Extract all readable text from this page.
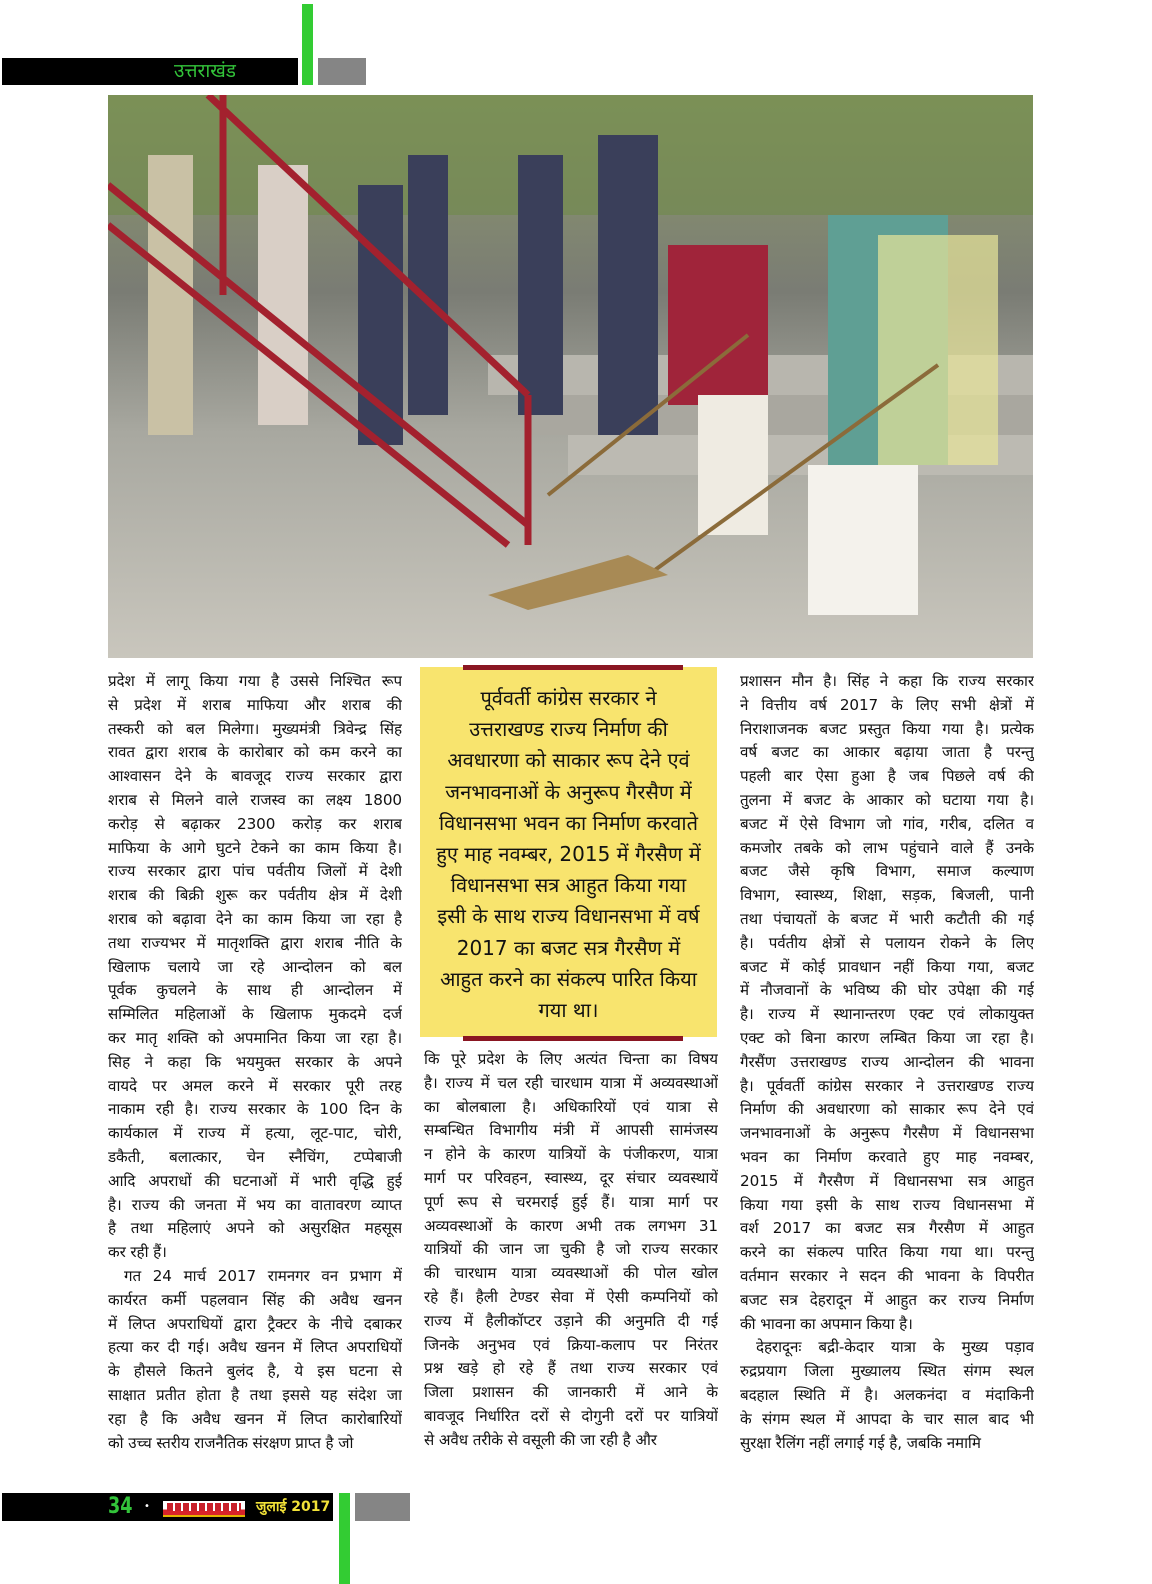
उत्तराखंड
प्रदेश में लागू किया गया है उससे निश्चित रूप
से प्रदेश में शराब माफिया और शराब की
तस्करी को बल मिलेगा। मुख्यमंत्री त्रिवेन्द्र सिंह
रावत द्वारा शराब के कारोबार को कम करने का
आश्वासन देने के बावजूद राज्य सरकार द्वारा
शराब से मिलने वाले राजस्व का लक्ष्य 1800
करोड़ से बढ़ाकर 2300 करोड़ कर शराब
माफिया के आगे घुटने टेकने का काम किया है।
राज्य सरकार द्वारा पांच पर्वतीय जिलों में देशी
शराब की बिक्री शुरू कर पर्वतीय क्षेत्र में देशी
शराब को बढ़ावा देने का काम किया जा रहा है
तथा राज्यभर में मातृशक्ति द्वारा शराब नीति के
खिलाफ चलाये जा रहे आन्दोलन को बल
पूर्वक कुचलने के साथ ही आन्दोलन में
सम्मिलित महिलाओं के खिलाफ मुकदमे दर्ज
कर मातृ शक्ति को अपमानित किया जा रहा है।
सिह ने कहा कि भयमुक्त सरकार के अपने
वायदे पर अमल करने में सरकार पूरी तरह
नाकाम रही है। राज्य सरकार के 100 दिन के
कार्यकाल में राज्य में हत्या, लूट-पाट, चोरी,
डकैती, बलात्कार, चेन स्नैचिंग, टप्पेबाजी
आदि अपराधों की घटनाओं में भारी वृद्धि हुई
है। राज्य की जनता में भय का वातावरण व्याप्त
है तथा महिलाएं अपने को असुरक्षित महसूस
कर रही हैं।
गत 24 मार्च 2017 रामनगर वन प्रभाग में
कार्यरत कर्मी पहलवान सिंह की अवैध खनन
में लिप्त अपराधियों द्वारा ट्रैक्टर के नीचे दबाकर
हत्या कर दी गई। अवैध खनन में लिप्त अपराधियों
के हौसले कितने बुलंद है, ये इस घटना से
साक्षात प्रतीत होता है तथा इससे यह संदेश जा
रहा है कि अवैध खनन में लिप्त कारोबारियों
को उच्च स्तरीय राजनैतिक संरक्षण प्राप्त है जो
पूर्ववर्ती कांग्रेस सरकार ने
उत्तराखण्ड राज्य निर्माण की
अवधारणा को साकार रूप देने एवं
जनभावनाओं के अनुरूप गैरसैण में
विधानसभा भवन का निर्माण करवाते
हुए माह नवम्बर, 2015 में गैरसैण में
विधानसभा सत्र आहुत किया गया
इसी के साथ राज्य विधानसभा में वर्ष
2017 का बजट सत्र गैरसैण में
आहुत करने का संकल्प पारित किया
गया था।
कि पूरे प्रदेश के लिए अत्यंत चिन्ता का विषय
है। राज्य में चल रही चारधाम यात्रा में अव्यवस्थाओं
का बोलबाला है। अधिकारियों एवं यात्रा से
सम्बन्धित विभागीय मंत्री में आपसी सामंजस्य
न होने के कारण यात्रियों के पंजीकरण, यात्रा
मार्ग पर परिवहन, स्वास्थ्य, दूर संचार व्यवस्थायें
पूर्ण रूप से चरमराई हुई हैं। यात्रा मार्ग पर
अव्यवस्थाओं के कारण अभी तक लगभग 31
यात्रियों की जान जा चुकी है जो राज्य सरकार
की चारधाम यात्रा व्यवस्थाओं की पोल खोल
रहे हैं। हैली टेण्डर सेवा में ऐसी कम्पनियों को
राज्य में हैलीकॉप्टर उड़ाने की अनुमति दी गई
जिनके अनुभव एवं क्रिया-कलाप पर निरंतर
प्रश्न खड़े हो रहे हैं तथा राज्य सरकार एवं
जिला प्रशासन की जानकारी में आने के
बावजूद निर्धारित दरों से दोगुनी दरों पर यात्रियों
से अवैध तरीके से वसूली की जा रही है और
प्रशासन मौन है। सिंह ने कहा कि राज्य सरकार
ने वित्तीय वर्ष 2017 के लिए सभी क्षेत्रों में
निराशाजनक बजट प्रस्तुत किया गया है। प्रत्येक
वर्ष बजट का आकार बढ़ाया जाता है परन्तु
पहली बार ऐसा हुआ है जब पिछले वर्ष की
तुलना में बजट के आकार को घटाया गया है।
बजट में ऐसे विभाग जो गांव, गरीब, दलित व
कमजोर तबके को लाभ पहुंचाने वाले हैं उनके
बजट जैसे कृषि विभाग, समाज कल्याण
विभाग, स्वास्थ्य, शिक्षा, सड़क, बिजली, पानी
तथा पंचायतों के बजट में भारी कटौती की गई
है। पर्वतीय क्षेत्रों से पलायन रोकने के लिए
बजट में कोई प्रावधान नहीं किया गया, बजट
में नौजवानों के भविष्य की घोर उपेक्षा की गई
है। राज्य में स्थानान्तरण एक्ट एवं लोकायुक्त
एक्ट को बिना कारण लम्बित किया जा रहा है।
गैरसैंण उत्तराखण्ड राज्य आन्दोलन की भावना
है। पूर्ववर्ती कांग्रेस सरकार ने उत्तराखण्ड राज्य
निर्माण की अवधारणा को साकार रूप देने एवं
जनभावनाओं के अनुरूप गैरसैण में विधानसभा
भवन का निर्माण करवाते हुए माह नवम्बर,
2015 में गैरसैण में विधानसभा सत्र आहुत
किया गया इसी के साथ राज्य विधानसभा में
वर्श 2017 का बजट सत्र गैरसैण में आहुत
करने का संकल्प पारित किया गया था। परन्तु
वर्तमान सरकार ने सदन की भावना के विपरीत
बजट सत्र देहरादून में आहुत कर राज्य निर्माण
की भावना का अपमान किया है।
देहरादूनः बद्री-केदार यात्रा के मुख्य पड़ाव
रुद्रप्रयाग जिला मुख्यालय स्थित संगम स्थल
बदहाल स्थिति में है। अलकनंदा व मंदाकिनी
के संगम स्थल में आपदा के चार साल बाद भी
सुरक्षा रैलिंग नहीं लगाई गई है, जबकि नमामि
34 •	जुलाई 2017
